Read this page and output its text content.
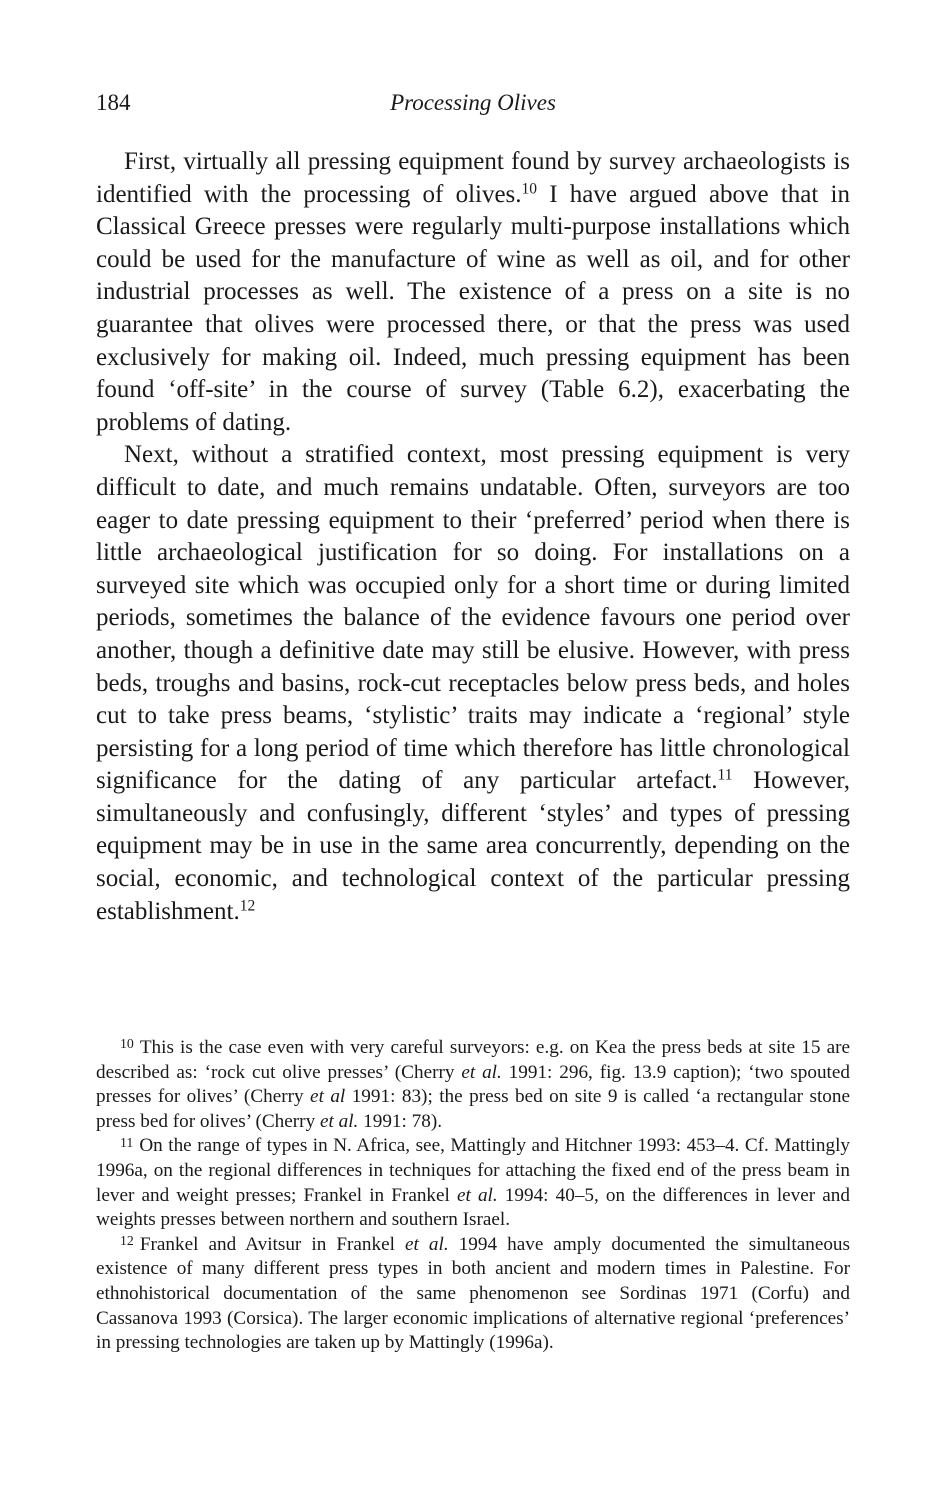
184	Processing Olives

First, virtually all pressing equipment found by survey archaeologists is identified with the processing of olives.$^{10}$ I have argued above that in Classical Greece presses were regularly multi-purpose installations which could be used for the manufacture of wine as well as oil, and for other industrial processes as well. The existence of a press on a site is no guarantee that olives were processed there, or that the press was used exclusively for making oil. Indeed, much pressing equipment has been found ‘off-site’ in the course of survey (Table 6.2), exacerbating the problems of dating.

Next, without a stratified context, most pressing equipment is very difficult to date, and much remains undatable. Often, surveyors are too eager to date pressing equipment to their ‘preferred’ period when there is little archaeological justification for so doing. For installations on a surveyed site which was occupied only for a short time or during limited periods, sometimes the balance of the evidence favours one period over another, though a definitive date may still be elusive. However, with press beds, troughs and basins, rock-cut receptacles below press beds, and holes cut to take press beams, ‘stylistic’ traits may indicate a ‘regional’ style persisting for a long period of time which therefore has little chronological significance for the dating of any particular artefact.$^{11}$ However, simultaneously and confusingly, different ‘styles’ and types of pressing equipment may be in use in the same area concurrently, depending on the social, economic, and technological context of the particular pressing establishment.$^{12}$

$^{10}$ This is the case even with very careful surveyors: e.g. on Kea the press beds at site 15 are described as: ‘rock cut olive presses’ (Cherry et al. 1991: 296, fig. 13.9 caption); ‘two spouted presses for olives’ (Cherry et al 1991: 83); the press bed on site 9 is called ‘a rectangular stone press bed for olives’ (Cherry et al. 1991: 78).

$^{11}$ On the range of types in N. Africa, see, Mattingly and Hitchner 1993: 453–4. Cf. Mattingly 1996a, on the regional differences in techniques for attaching the fixed end of the press beam in lever and weight presses; Frankel in Frankel et al. 1994: 40–5, on the differences in lever and weights presses between northern and southern Israel.

$^{12}$ Frankel and Avitsur in Frankel et al. 1994 have amply documented the simultaneous existence of many different press types in both ancient and modern times in Palestine. For ethnohistorical documentation of the same phenomenon see Sordinas 1971 (Corfu) and Cassanova 1993 (Corsica). The larger economic implications of alternative regional ‘preferences’ in pressing technologies are taken up by Mattingly (1996a).
